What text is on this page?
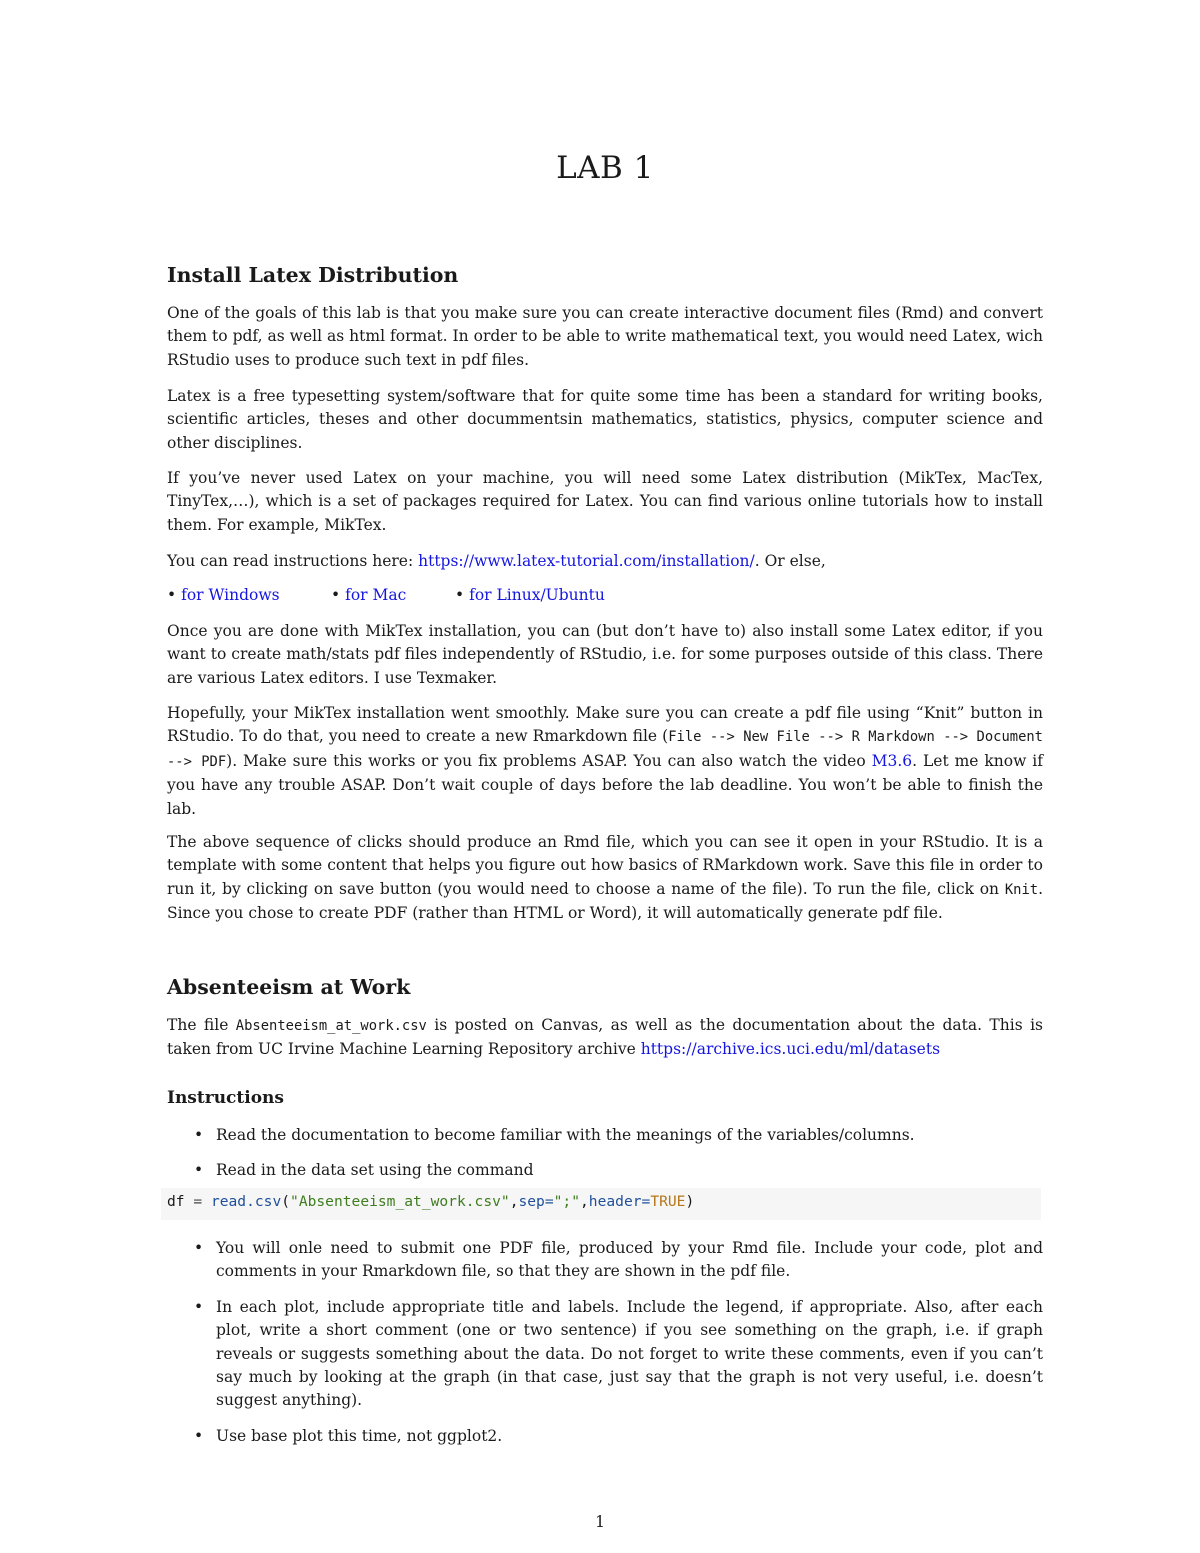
LAB 1
Install Latex Distribution

One of the goals of this lab is that you make sure you can create interactive document files (Rmd) and convert them to pdf, as well as html format. In order to be able to write mathematical text, you would need Latex, wich RStudio uses to produce such text in pdf files.

Latex is a free typesetting system/software that for quite some time has been a standard for writing books, scientific articles, theses and other docummentsin mathematics, statistics, physics, computer science and other disciplines.

If you’ve never used Latex on your machine, you will need some Latex distribution (MikTex, MacTex, TinyTex,…), which is a set of packages required for Latex. You can find various online tutorials how to install them. For example, MikTex.

You can read instructions here: https://www.latex-tutorial.com/installation/. Or else,

• for Windows	• for Mac	• for Linux/Ubuntu

Once you are done with MikTex installation, you can (but don’t have to) also install some Latex editor, if you want to create math/stats pdf files independently of RStudio, i.e. for some purposes outside of this class. There are various Latex editors. I use Texmaker.

Hopefully, your MikTex installation went smoothly. Make sure you can create a pdf file using “Knit” button in RStudio. To do that, you need to create a new Rmarkdown file (File --> New File --> R Markdown --> Document --> PDF). Make sure this works or you fix problems ASAP. You can also watch the video M3.6. Let me know if you have any trouble ASAP. Don’t wait couple of days before the lab deadline. You won’t be able to finish the lab.

The above sequence of clicks should produce an Rmd file, which you can see it open in your RStudio. It is a template with some content that helps you figure out how basics of RMarkdown work. Save this file in order to run it, by clicking on save button (you would need to choose a name of the file). To run the file, click on Knit. Since you chose to create PDF (rather than HTML or Word), it will automatically generate pdf file.

Absenteeism at Work

The file Absenteeism_at_work.csv is posted on Canvas, as well as the documentation about the data. This is taken from UC Irvine Machine Learning Repository archive https://archive.ics.uci.edu/ml/datasets

Instructions
• Read the documentation to become familiar with the meanings of the variables/columns.
• Read in the data set using the command
df = read.csv("Absenteeism_at_work.csv",sep=";",header=TRUE)
• You will onle need to submit one PDF file, produced by your Rmd file. Include your code, plot and comments in your Rmarkdown file, so that they are shown in the pdf file.
• In each plot, include appropriate title and labels. Include the legend, if appropriate. Also, after each plot, write a short comment (one or two sentence) if you see something on the graph, i.e. if graph reveals or suggests something about the data. Do not forget to write these comments, even if you can’t say much by looking at the graph (in that case, just say that the graph is not very useful, i.e. doesn’t suggest anything).
• Use base plot this time, not ggplot2.
1
